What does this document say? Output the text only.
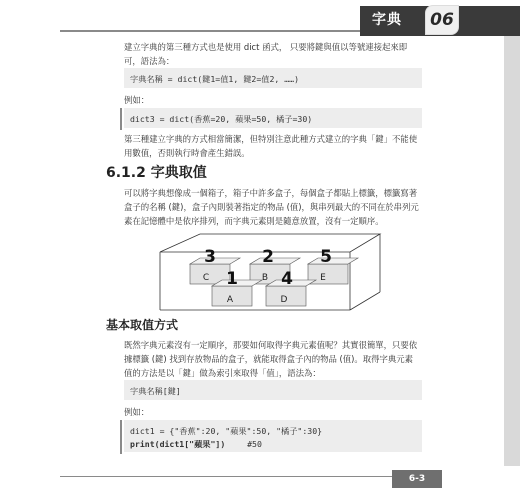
字典	06
建立字典的第三種方式也是使用 dict 函式， 只要將鍵與值以等號連接起來即可，語法為：
字典名稱 = dict(鍵1=值1, 鍵2=值2, ……)
例如：
dict3 = dict(香蕉=20, 蘋果=50, 橘子=30)
第三種建立字典的方式相當簡潔，但特別注意此種方式建立的字典「鍵」不能使用數值，否則執行時會產生錯誤。
6.1.2 字典取值
可以將字典想像成一個箱子，箱子中許多盒子，每個盒子都貼上標籤，標籤寫著盒子的名稱 (鍵)，盒子內則裝著指定的物品 (值)，與串列最大的不同在於串列元素在記憶體中是依序排列，而字典元素則是隨意放置，沒有一定順序。
3
C
2
B
5
E
1
A
4
D
基本取值方式
既然字典元素沒有一定順序，那要如何取得字典元素值呢？其實很簡單，只要依據標籤 (鍵) 找到存放物品的盒子，就能取得盒子內的物品 (值)。取得字典元素值的方法是以「鍵」做為索引來取得「值」，語法為：
字典名稱[鍵]
例如：
dict1 = {"香蕉":20, "蘋果":50, "橘子":30}
print(dict1["蘋果"])	#50
6-3
